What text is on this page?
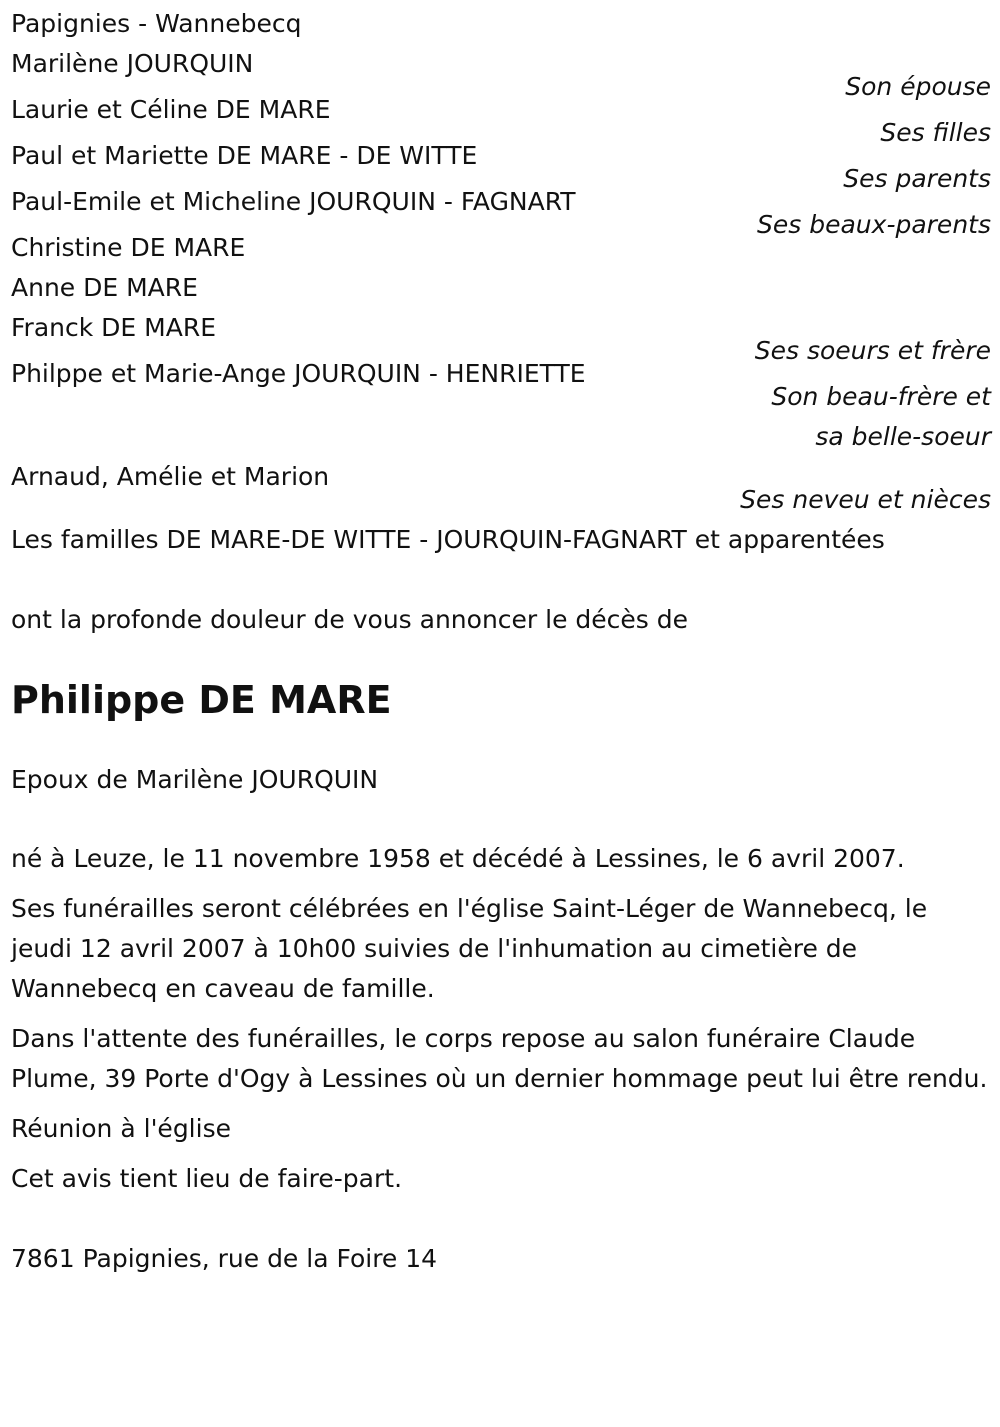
Papignies - Wannebecq
Marilène JOURQUIN
Son épouse
Laurie et Céline DE MARE
Ses filles
Paul et Mariette DE MARE - DE WITTE
Ses parents
Paul-Emile et Micheline JOURQUIN - FAGNART
Ses beaux-parents
Christine DE MARE
Anne DE MARE
Franck DE MARE
Ses soeurs et frère
Philppe et Marie-Ange JOURQUIN - HENRIETTE
Son beau-frère et
sa belle-soeur
Arnaud, Amélie et Marion
Ses neveu et nièces
Les familles DE MARE-DE WITTE - JOURQUIN-FAGNART et apparentées
ont la profonde douleur de vous annoncer le décès de
Philippe DE MARE
Epoux de Marilène JOURQUIN
né à Leuze, le 11 novembre 1958 et décédé à Lessines, le 6 avril 2007.

Ses funérailles seront célébrées en l'église Saint-Léger de Wannebecq, le jeudi 12 avril 2007 à 10h00 suivies de l'inhumation au cimetière de Wannebecq en caveau de famille.

Dans l'attente des funérailles, le corps repose au salon funéraire Claude Plume, 39 Porte d'Ogy à Lessines où un dernier hommage peut lui être rendu.

Réunion à l'église
Cet avis tient lieu de faire-part.
7861 Papignies, rue de la Foire 14
